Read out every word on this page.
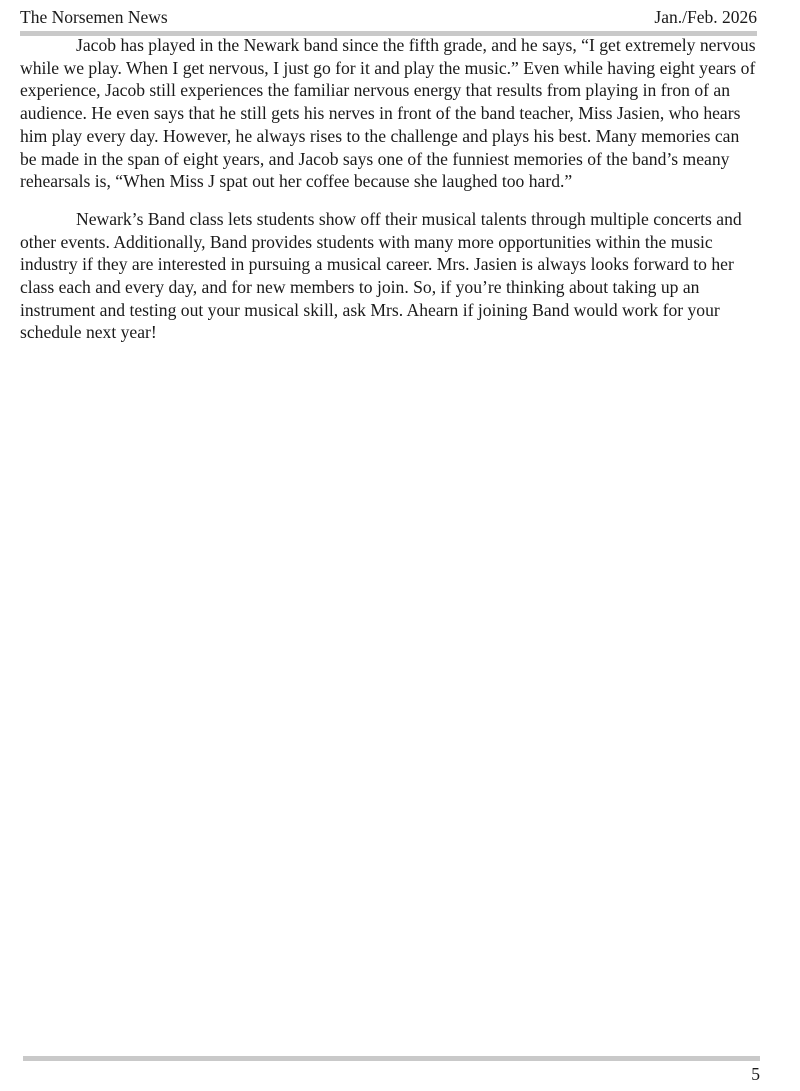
The Norsemen News	Jan./Feb. 2026

Jacob has played in the Newark band since the fifth grade, and he says, “I get extremely nervous while we play. When I get nervous, I just go for it and play the music.” Even while having eight years of experience, Jacob still experiences the familiar nervous energy that results from playing in fron of an audience. He even says that he still gets his nerves in front of the band teacher, Miss Jasien, who hears him play every day. However, he always rises to the challenge and plays his best. Many memories can be made in the span of eight years, and Jacob says one of the funniest memories of the band’s meany rehearsals is, “When Miss J spat out her coffee because she laughed too hard.”

Newark’s Band class lets students show off their musical talents through multiple concerts and other events. Additionally, Band provides students with many more opportunities within the music industry if they are interested in pursuing a musical career. Mrs. Jasien is always looks forward to her class each and every day, and for new members to join. So, if you’re thinking about taking up an instrument and testing out your musical skill, ask Mrs. Ahearn if joining Band would work for your schedule next year!

5
